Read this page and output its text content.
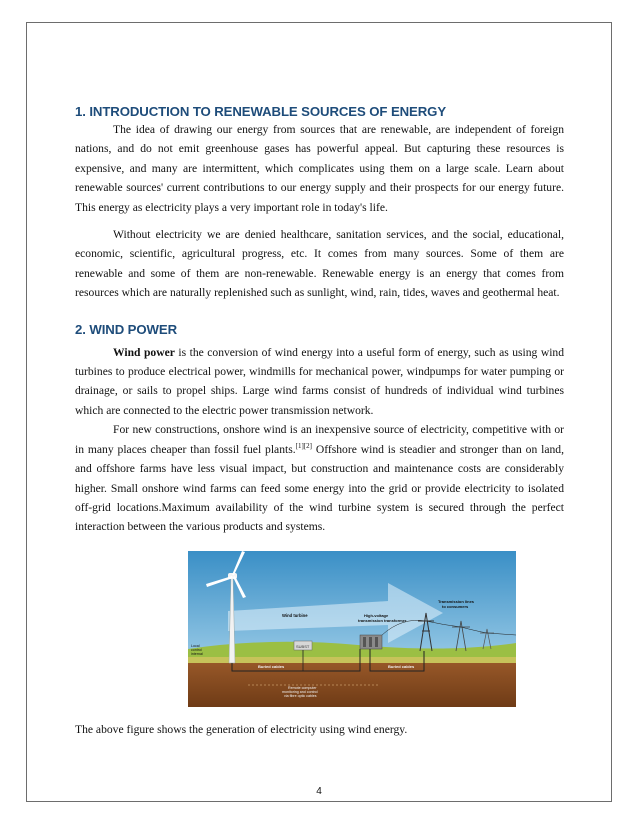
1. INTRODUCTION TO RENEWABLE SOURCES OF ENERGY

The idea of drawing our energy from sources that are renewable, are independent of foreign nations, and do not emit greenhouse gases has powerful appeal. But capturing these resources is expensive, and many are intermittent, which complicates using them on a large scale. Learn about renewable sources' current contributions to our energy supply and their prospects for our energy future. This energy as electricity plays a very important role in today's life.

Without electricity we are denied healthcare, sanitation services, and the social, educational, economic, scientific, agricultural progress, etc. It comes from many sources. Some of them are renewable and some of them are non-renewable. Renewable energy is an energy that comes from resources which are naturally replenished such as sunlight, wind, rain, tides, waves and geothermal heat.

2. WIND POWER

Wind power is the conversion of wind energy into a useful form of energy, such as using wind turbines to produce electrical power, windmills for mechanical power, windpumps for water pumping or drainage, or sails to propel ships. Large wind farms consist of hundreds of individual wind turbines which are connected to the electric power transmission network.

For new constructions, onshore wind is an inexpensive source of electricity, competitive with or in many places cheaper than fossil fuel plants.[1][2] Offshore wind is steadier and stronger than on land, and offshore farms have less visual impact, but construction and maintenance costs are considerably higher. Small onshore wind farms can feed some energy into the grid or provide electricity to isolated off-grid locations.Maximum availability of the wind turbine system is secured through the perfect interaction between the various products and systems.

SUBST
Wind turbine	High-voltage
transmission transformer
Transmission lines
to consumers
Local
control
internal
Buried cables	Buried cables
Remote computer
monitoring and control
via fibre optic cables

The above figure shows the generation of electricity using wind energy.

4
